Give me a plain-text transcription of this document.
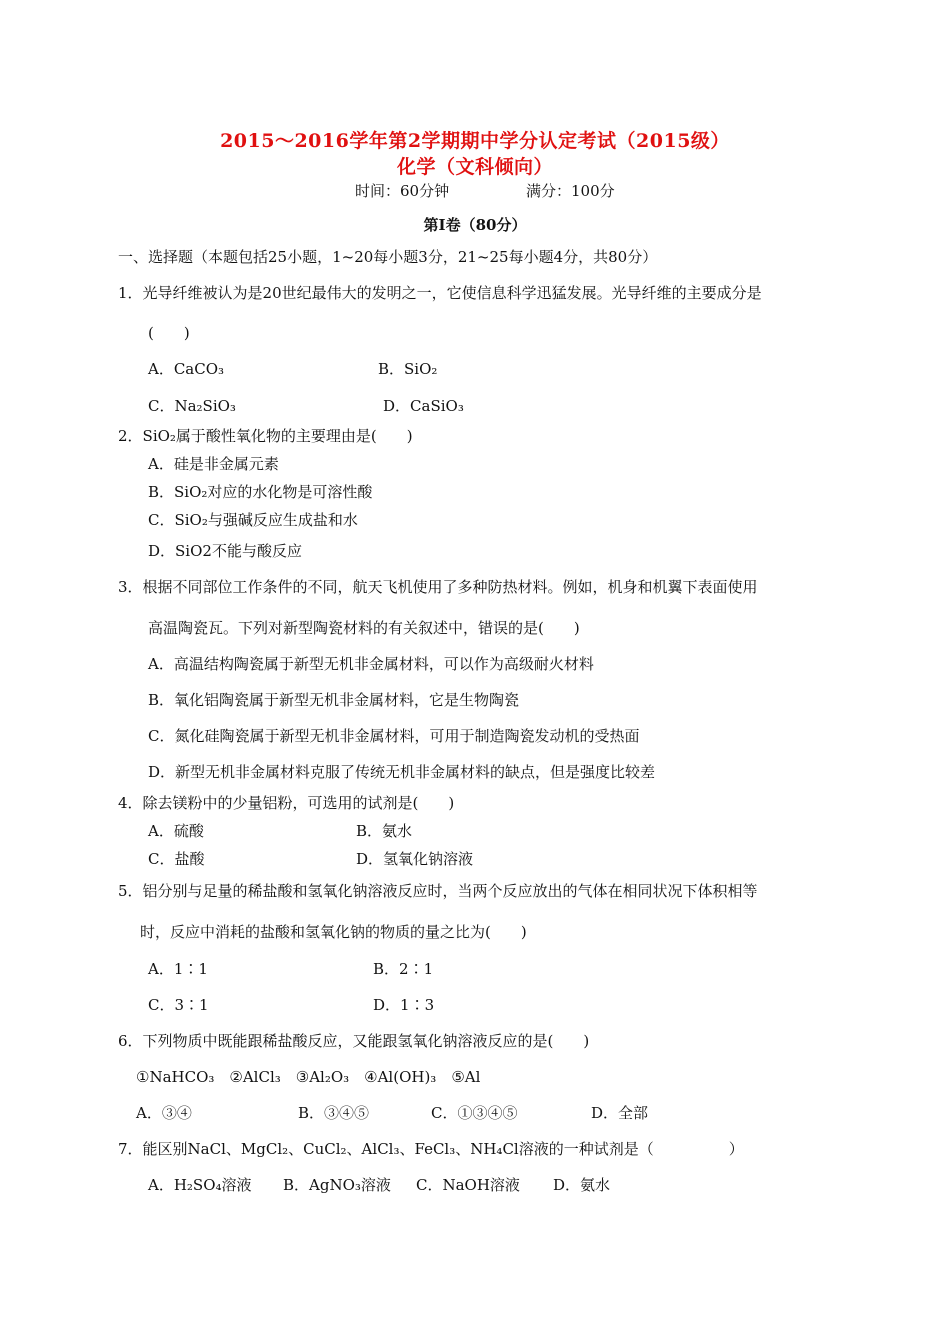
2015～2016学年第2学期期中学分认定考试（2015级）
化学（文科倾向）
时间：60分钟	满分：100分
第Ⅰ卷（80分）
一、选择题（本题包括25小题，1~20每小题3分，21~25每小题4分，共80分）
1．光导纤维被认为是20世纪最伟大的发明之一，它使信息科学迅猛发展。光导纤维的主要成分是
(　　)
A．CaCO₃	B．SiO₂
C．Na₂SiO₃	D．CaSiO₃
2．SiO₂属于酸性氧化物的主要理由是(　　)
A．硅是非金属元素
B．SiO₂对应的水化物是可溶性酸
C．SiO₂与强碱反应生成盐和水
D．SiO2不能与酸反应
3．根据不同部位工作条件的不同，航天飞机使用了多种防热材料。例如，机身和机翼下表面使用
高温陶瓷瓦。下列对新型陶瓷材料的有关叙述中，错误的是(　　)
A．高温结构陶瓷属于新型无机非金属材料，可以作为高级耐火材料
B．氧化铝陶瓷属于新型无机非金属材料，它是生物陶瓷
C．氮化硅陶瓷属于新型无机非金属材料，可用于制造陶瓷发动机的受热面
D．新型无机非金属材料克服了传统无机非金属材料的缺点，但是强度比较差
4．除去镁粉中的少量铝粉，可选用的试剂是(　　)
A．硫酸	B．氨水
C．盐酸	D．氢氧化钠溶液
5．铝分别与足量的稀盐酸和氢氧化钠溶液反应时，当两个反应放出的气体在相同状况下体积相等
时，反应中消耗的盐酸和氢氧化钠的物质的量之比为(　　)
A．1∶1	B．2∶1
C．3∶1	D．1∶3
6．下列物质中既能跟稀盐酸反应，又能跟氢氧化钠溶液反应的是(　　)
①NaHCO₃　②AlCl₃　③Al₂O₃　④Al(OH)₃　⑤Al
A．③④	B．③④⑤	C．①③④⑤	D．全部
7．能区别NaCl、MgCl₂、CuCl₂、AlCl₃、FeCl₃、NH₄Cl溶液的一种试剂是（　　　　　）
A．H₂SO₄溶液 B．AgNO₃溶液 C．NaOH溶液 D．氨水
